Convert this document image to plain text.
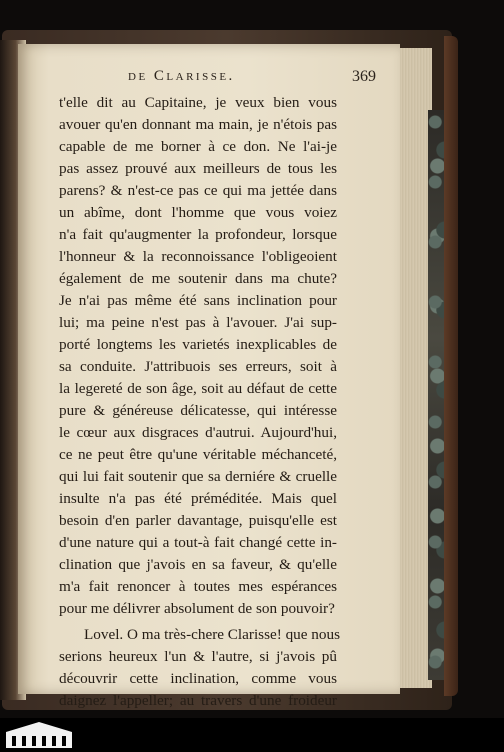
de Clarisse.	369
t'elle dit au Capitaine, je veux bien vous
avouer qu'en donnant ma main, je n'étois pas
capable de me borner à ce don. Ne l'ai-je
pas assez prouvé aux meilleurs de tous les
parens? & n'est-ce pas ce qui ma jettée dans
un abîme, dont l'homme que vous voiez
n'a fait qu'augmenter la profondeur, lorsque
l'honneur & la reconnoissance l'obligeoient
également de me soutenir dans ma chute?
Je n'ai pas même été sans inclination pour
lui; ma peine n'est pas à l'avouer. J'ai sup-
porté longtems les varietés inexplicables de
sa conduite. J'attribuois ses erreurs, soit à
la legereté de son âge, soit au défaut de cette
pure & généreuse délicatesse, qui intéresse
le cœur aux disgraces d'autrui. Aujourd'hui,
ce ne peut être qu'une véritable méchanceté,
qui lui fait soutenir que sa derniére & cruelle
insulte n'a pas été préméditée. Mais quel
besoin d'en parler davantage, puisqu'elle est
d'une nature qui a tout-à fait changé cette in-
clination que j'avois en sa faveur, & qu'elle
m'a fait renoncer à toutes mes espérances
pour me délivrer absolument de son pouvoir?
Lovel. O ma très-chere Clarisse! que nous
serions heureux l'un & l'autre, si j'avois pû
découvrir cette inclination, comme vous
daignez l'appeller; au travers d'une froideur
